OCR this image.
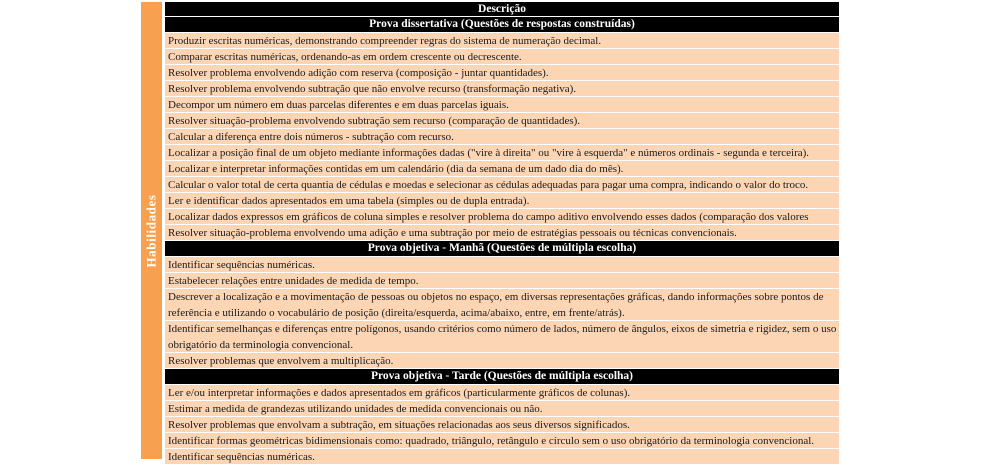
Habilidades
Descrição
Prova dissertativa (Questões de respostas construídas)
Produzir escritas numéricas, demonstrando compreender regras do sistema de numeração decimal.
Comparar escritas numéricas, ordenando-as em ordem crescente ou decrescente.
Resolver problema envolvendo adição com reserva (composição - juntar quantidades).
Resolver problema envolvendo subtração que não envolve recurso (transformação negativa).
Decompor um número em duas parcelas diferentes e em duas parcelas iguais.
Resolver situação-problema envolvendo subtração sem recurso (comparação de quantidades).
Calcular a diferença entre dois números - subtração com recurso.
Localizar a posição final de um objeto mediante informações dadas ("vire à direita" ou "vire à esquerda" e números ordinais - segunda e terceira).
Localizar e interpretar informações contidas em um calendário (dia da semana de um dado dia do mês).
Calcular o valor total de certa quantia de cédulas e moedas e selecionar as cédulas adequadas para pagar uma compra, indicando o valor do troco.
Ler e identificar dados apresentados em uma tabela (simples ou de dupla entrada).
Localizar dados expressos em gráficos de coluna simples e resolver problema do campo aditivo envolvendo esses dados (comparação dos valores
Resolver situação-problema envolvendo uma adição e uma subtração por meio de estratégias pessoais ou técnicas convencionais.
Prova objetiva - Manhã (Questões de múltipla escolha)
Identificar sequências numéricas.
Estabelecer relações entre unidades de medida de tempo.
Descrever a localização e a movimentação de pessoas ou objetos no espaço, em diversas representações gráficas, dando informações sobre pontos de referência e utilizando o vocabulário de posição (direita/esquerda, acima/abaixo, entre, em frente/atrás).
Identificar semelhanças e diferenças entre polígonos, usando critérios como número de lados, número de ângulos, eixos de simetria e rigidez, sem o uso obrigatório da terminologia convencional.
Resolver problemas que envolvem a multiplicação.
Prova objetiva - Tarde (Questões de múltipla escolha)
Ler e/ou interpretar informações e dados apresentados em gráficos (particularmente gráficos de colunas).
Estimar a medida de grandezas utilizando unidades de medida convencionais ou não.
Resolver problemas que envolvam a subtração, em situações relacionadas aos seus diversos significados.
Identificar formas geométricas bidimensionais como: quadrado, triângulo, retângulo e círculo sem o uso obrigatório da terminologia convencional.
Identificar sequências numéricas.
